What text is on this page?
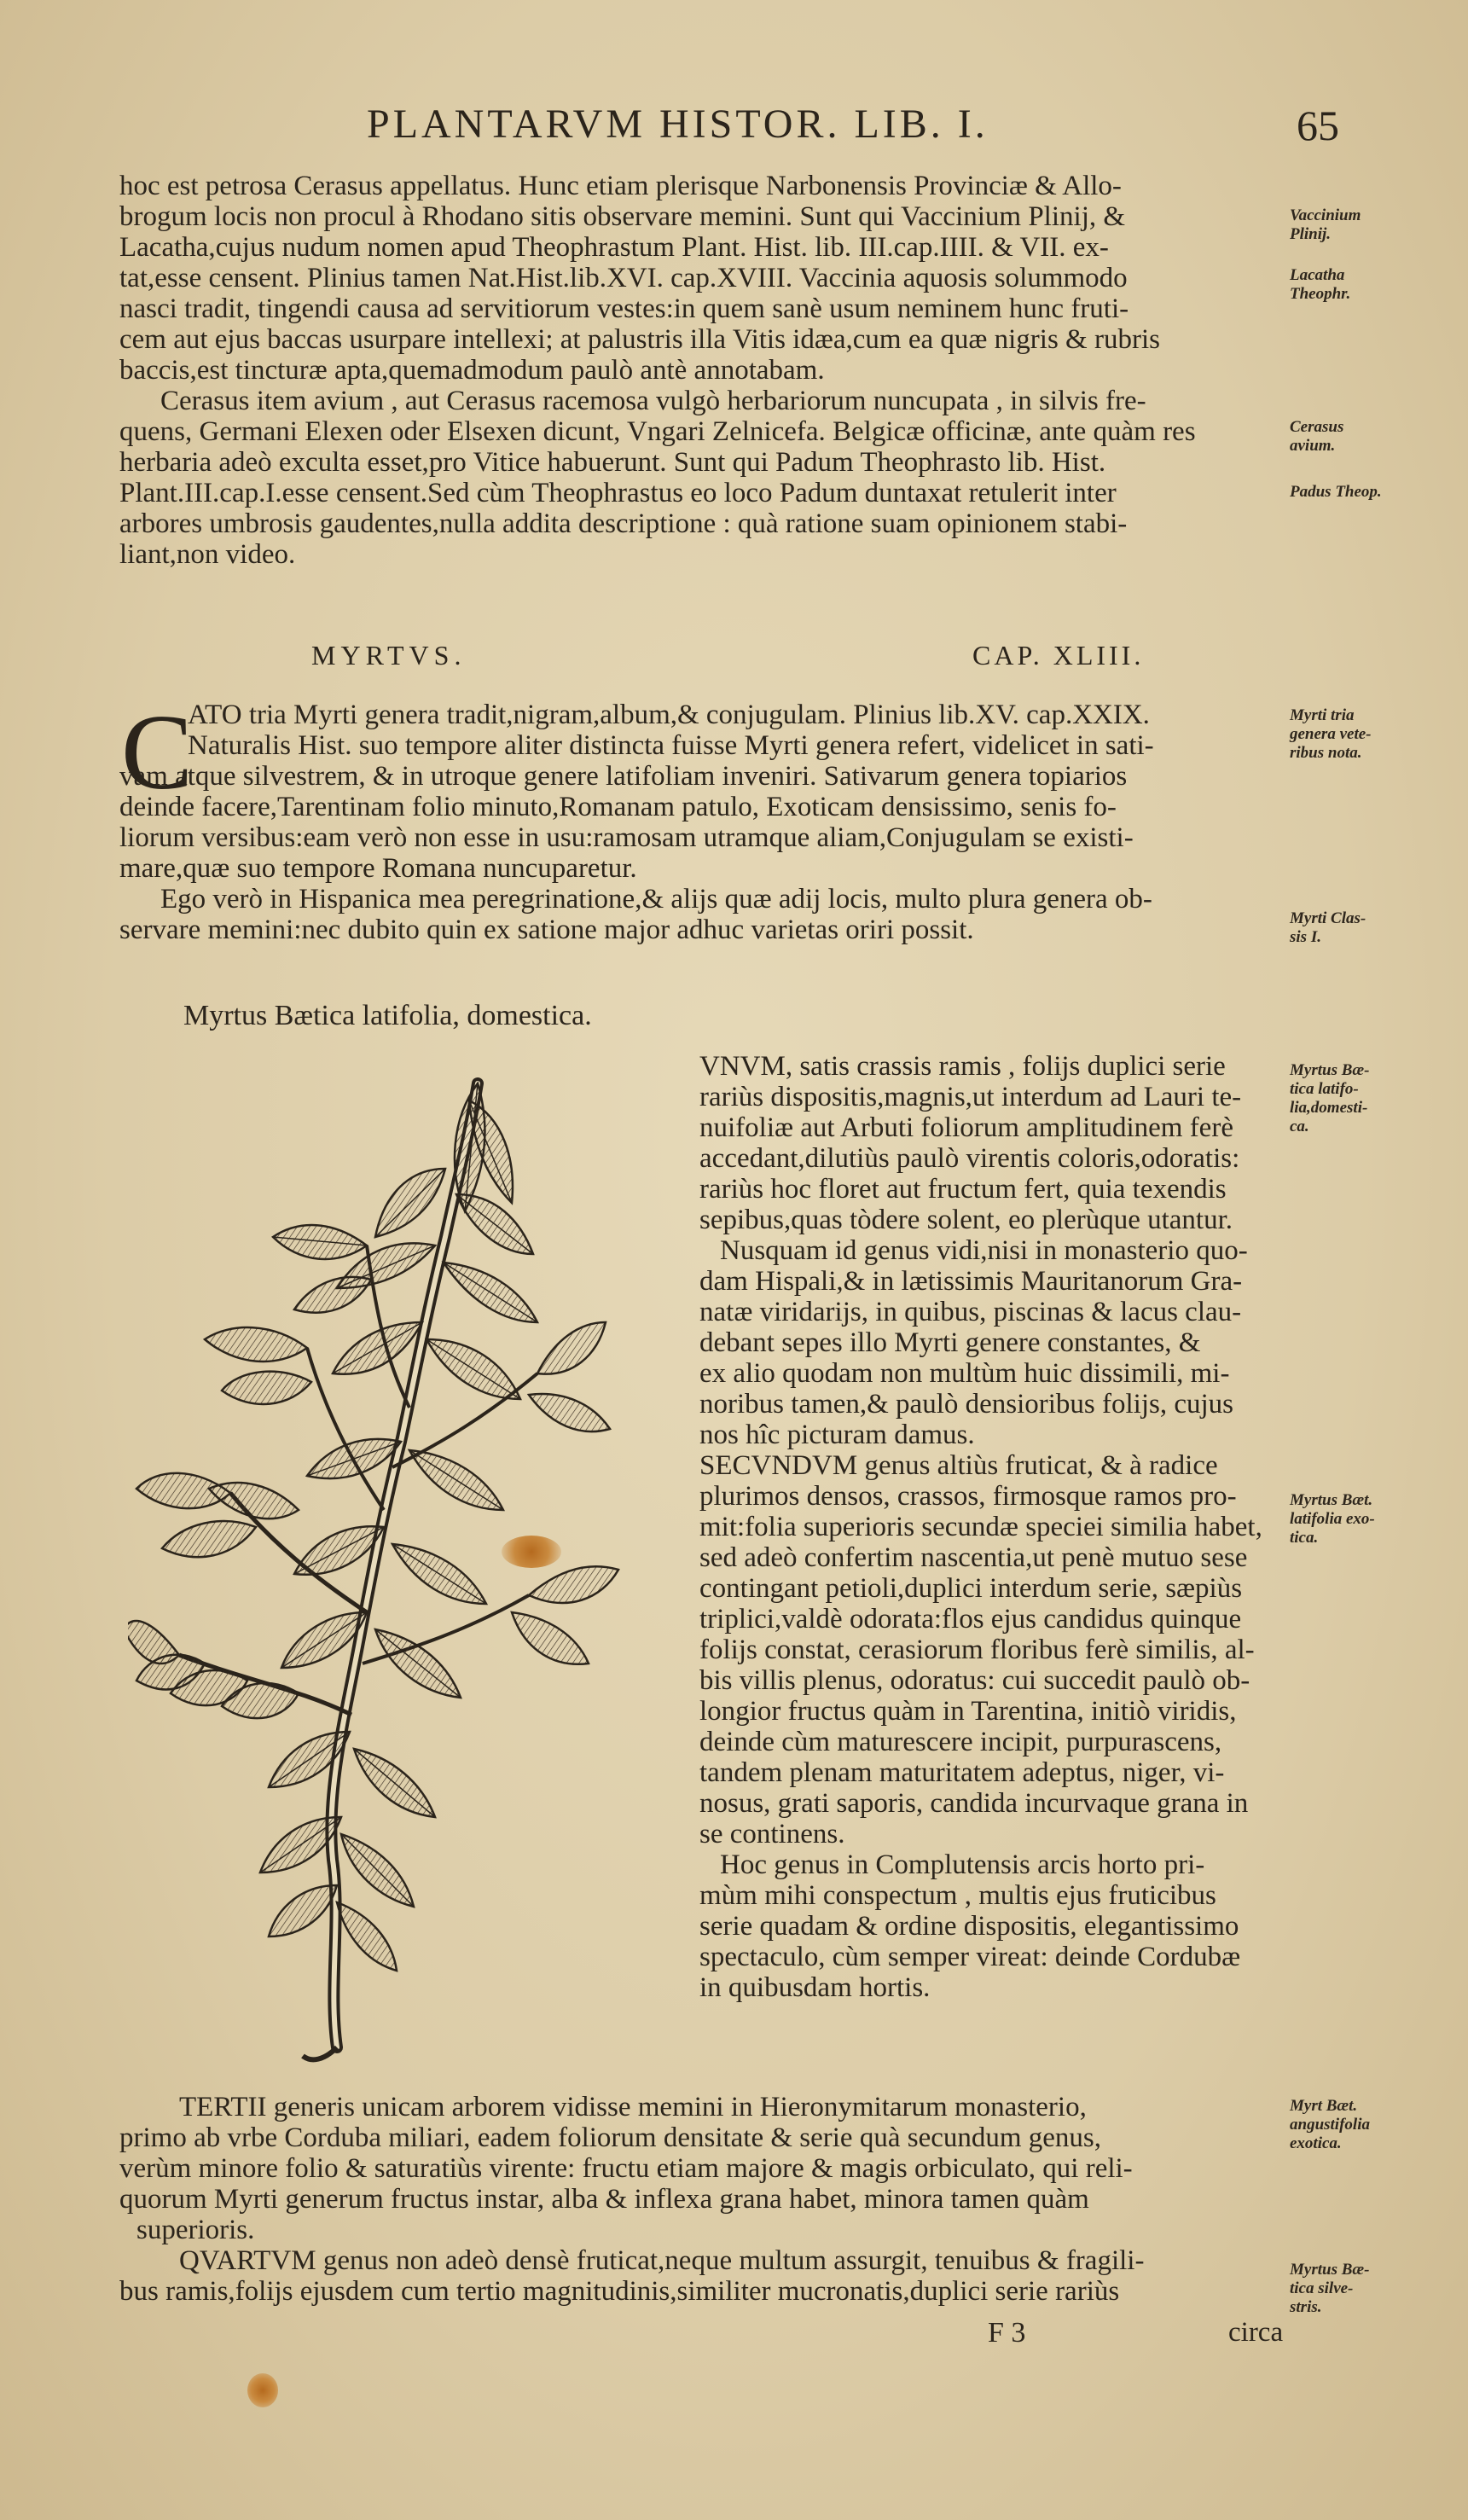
PLANTARVM HISTOR. LIB. I.	65
hoc est petrosa Cerasus appellatus. Hunc etiam plerisque Narbonensis Provinciæ & Allo-
brogum locis non procul à Rhodano sitis observare memini. Sunt qui Vaccinium Plinij, &
Lacatha,cujus nudum nomen apud Theophrastum Plant. Hist. lib. III.cap.IIII. & VII. ex-
tat,esse censent. Plinius tamen Nat.Hist.lib.XVI. cap.XVIII. Vaccinia aquosis solummodo
nasci tradit, tingendi causa ad servitiorum vestes:in quem sanè usum neminem hunc fruti-
cem aut ejus baccas usurpare intellexi; at palustris illa Vitis idæa,cum ea quæ nigris & rubris
baccis,est tincturæ apta,quemadmodum paulò antè annotabam.
Cerasus item avium , aut Cerasus racemosa vulgò herbariorum nuncupata , in silvis fre-
quens, Germani Elexen oder Elsexen dicunt, Vngari Zelnicefa. Belgicæ officinæ, ante quàm res
herbaria adeò exculta esset,pro Vitice habuerunt. Sunt qui Padum Theophrasto lib. Hist.
Plant.III.cap.I.esse censent.Sed cùm Theophrastus eo loco Padum duntaxat retulerit inter
arbores umbrosis gaudentes,nulla addita descriptione : quà ratione suam opinionem stabi-
liant,non video.
Vaccinium
Plinij.
Lacatha
Theophr.
Cerasus
avium.
Padus Theop.
MYRTVS.	CAP. XLIII.
C
ATO tria Myrti genera tradit,nigram,album,& conjugulam. Plinius lib.XV. cap.XXIX.
Naturalis Hist. suo tempore aliter distincta fuisse Myrti genera refert, videlicet in sati-
vam atque silvestrem, & in utroque genere latifoliam inveniri. Sativarum genera topiarios
deinde facere,Tarentinam folio minuto,Romanam patulo, Exoticam densissimo, senis fo-
liorum versibus:eam verò non esse in usu:ramosam utramque aliam,Conjugulam se existi-
mare,quæ suo tempore Romana nuncuparetur.
Ego verò in Hispanica mea peregrinatione,& alijs quæ adij locis, multo plura genera ob-
servare memini:nec dubito quin ex satione major adhuc varietas oriri possit.
Myrti tria
genera vete-
ribus nota.
Myrti Clas-
sis I.
Myrtus Bætica latifolia, domestica.
VNVM, satis crassis ramis , folijs duplici serie
rariùs dispositis,magnis,ut interdum ad Lauri te-
nuifoliæ aut Arbuti foliorum amplitudinem ferè
accedant,dilutiùs paulò virentis coloris,odoratis:
rariùs hoc floret aut fructum fert, quia texendis
sepibus,quas tòdere solent, eo plerùque utantur.
Nusquam id genus vidi,nisi in monasterio quo-
dam Hispali,& in lætissimis Mauritanorum Gra-
natæ viridarijs, in quibus, piscinas & lacus clau-
debant sepes illo Myrti genere constantes, &
ex alio quodam non multùm huic dissimili, mi-
noribus tamen,& paulò densioribus folijs, cujus
nos hîc picturam damus.
SECVNDVM genus altiùs fruticat, & à radice
plurimos densos, crassos, firmosque ramos pro-
mit:folia superioris secundæ speciei similia habet,
sed adeò confertim nascentia,ut penè mutuo sese
contingant petioli,duplici interdum serie, sæpiùs
triplici,valdè odorata:flos ejus candidus quinque
folijs constat, cerasiorum floribus ferè similis, al-
bis villis plenus, odoratus: cui succedit paulò ob-
longior fructus quàm in Tarentina, initiò viridis,
deinde cùm maturescere incipit, purpurascens,
tandem plenam maturitatem adeptus, niger, vi-
nosus, grati saporis, candida incurvaque grana in
se continens.
Hoc genus in Complutensis arcis horto pri-
mùm mihi conspectum , multis ejus fruticibus
serie quadam & ordine dispositis, elegantissimo
spectaculo, cùm semper vireat: deinde Cordubæ
in quibusdam hortis.
Myrtus Bæ-
tica latifo-
lia,domesti-
ca.
Myrtus Bæt.
latifolia exo-
tica.
TERTII generis unicam arborem vidisse memini in Hieronymitarum monasterio,
primo ab vrbe Corduba miliari, eadem foliorum densitate & serie quà secundum genus,
verùm minore folio & saturatiùs virente: fructu etiam majore & magis orbiculato, qui reli-
quorum Myrti generum fructus instar, alba & inflexa grana habet, minora tamen quàm
superioris.
QVARTVM genus non adeò densè fruticat,neque multum assurgit, tenuibus & fragili-
bus ramis,folijs ejusdem cum tertio magnitudinis,similiter mucronatis,duplici serie rariùs
Myrt Bæt.
angustifolia
exotica.
Myrtus Bæ-
tica silve-
stris.
F 3	circa
